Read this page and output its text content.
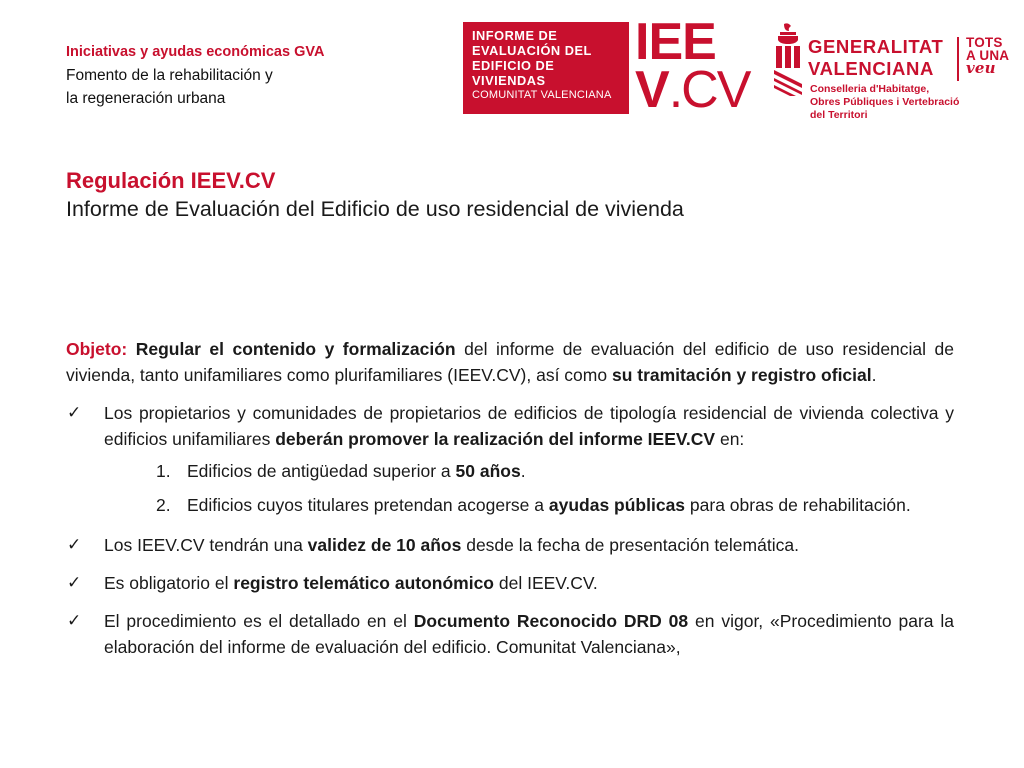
Iniciativas y ayudas económicas GVA
Fomento de la rehabilitación y
la regeneración urbana
INFORME DE
EVALUACIÓN DEL
EDIFICIO DE
VIVIENDAS
COMUNITAT VALENCIANA
IEE
V.CV
GENERALITAT
VALENCIANA
TOTS
A UNA
veu
Conselleria d'Habitatge,
Obres Públiques i Vertebració
del Territori
Regulación IEEV.CV
Informe de Evaluación del Edificio de uso residencial de vivienda
Objeto: Regular el contenido y formalización del informe de evaluación del edificio de uso residencial de vivienda, tanto unifamiliares como plurifamiliares (IEEV.CV), así como su tramitación y registro oficial.
✓ Los propietarios y comunidades de propietarios de edificios de tipología residencial de vivienda colectiva y edificios unifamiliares deberán promover la realización del informe IEEV.CV en:
1. Edificios de antigüedad superior a 50 años.
2. Edificios cuyos titulares pretendan acogerse a ayudas públicas para obras de rehabilitación.
✓ Los IEEV.CV tendrán una validez de 10 años desde la fecha de presentación telemática.
✓ Es obligatorio el registro telemático autonómico del IEEV.CV.
✓ El procedimiento es el detallado en el Documento Reconocido DRD 08 en vigor, «Procedimiento para la elaboración del informe de evaluación del edificio. Comunitat Valenciana»,
